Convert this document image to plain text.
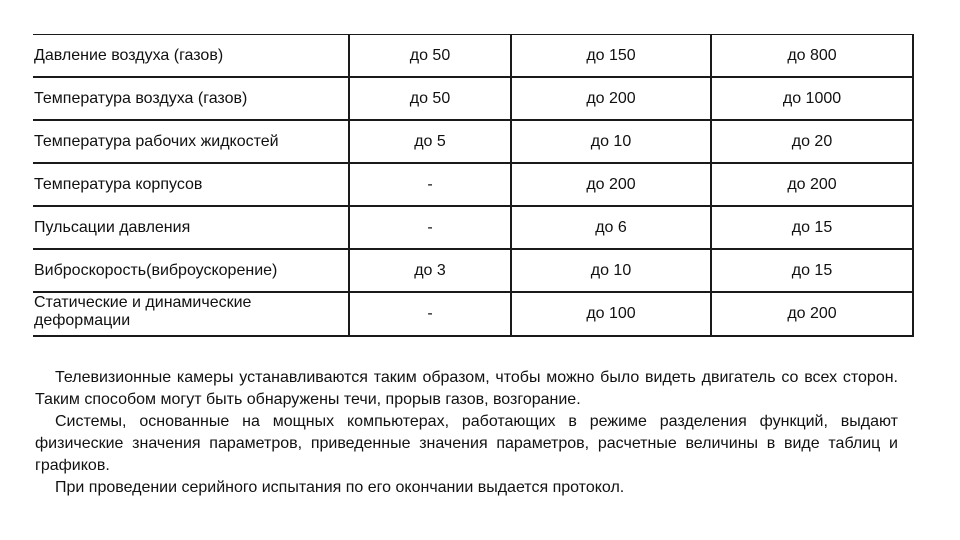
Давление воздуха (газов)	до 50	до 150	до 800
Температура воздуха (газов)	до 50	до 200	до 1000
Температура рабочих жидкостей	до 5	до 10	до 20
Температура корпусов	-	до 200	до 200
Пульсации давления	-	до 6	до 15
Виброскорость(виброускорение)	до 3	до 10	до 15
Статические и динамические деформации	-	до 100	до 200

Телевизионные камеры устанавливаются таким образом, чтобы можно было видеть двигатель со всех сторон. Таким способом могут быть обнаружены течи, прорыв газов, возгорание.

Системы, основанные на мощных компьютерах, работающих в режиме разделения функций, выдают физические значения параметров, приведенные значения параметров, расчетные величины в виде таблиц и графиков.

При проведении серийного испытания по его окончании выдается протокол.
